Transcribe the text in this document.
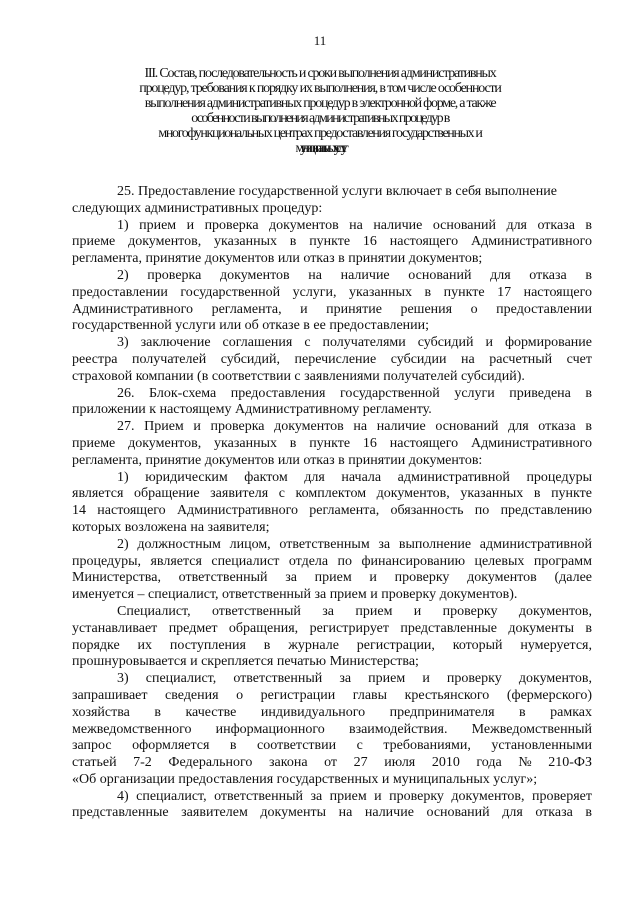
11
III. Состав, последовательность и сроки выполнения административных
процедур, требования к порядку их выполнения, в том числе особенности
выполнения административных процедур в электронной форме, а также
особенности выполнения административных процедур в
многофункциональных центрах предоставления государственных и
муниципальных услуг
25. Предоставление государственной услуги включает в себя выполнение
следующих административных процедур:
1) прием и проверка документов на наличие оснований для отказа в
приеме документов, указанных в пункте 16 настоящего Административного
регламента, принятие документов или отказ в принятии документов;
2) проверка документов на наличие оснований для отказа в
предоставлении государственной услуги, указанных в пункте 17 настоящего
Административного регламента, и принятие решения о предоставлении
государственной услуги или об отказе в ее предоставлении;
3) заключение соглашения с получателями субсидий и формирование
реестра получателей субсидий, перечисление субсидии на расчетный счет
страховой компании (в соответствии с заявлениями получателей субсидий).
26. Блок-схема предоставления государственной услуги приведена в
приложении к настоящему Административному регламенту.
27. Прием и проверка документов на наличие оснований для отказа в
приеме документов, указанных в пункте 16 настоящего Административного
регламента, принятие документов или отказ в принятии документов:
1) юридическим фактом для начала административной процедуры
является обращение заявителя с комплектом документов, указанных в пункте
14 настоящего Административного регламента, обязанность по представлению
которых возложена на заявителя;
2) должностным лицом, ответственным за выполнение административной
процедуры, является специалист отдела по финансированию целевых программ
Министерства, ответственный за прием и проверку документов (далее
именуется – специалист, ответственный за прием и проверку документов).
Специалист, ответственный за прием и проверку документов,
устанавливает предмет обращения, регистрирует представленные документы в
порядке их поступления в журнале регистрации, который нумеруется,
прошнуровывается и скрепляется печатью Министерства;
3) специалист, ответственный за прием и проверку документов,
запрашивает сведения о регистрации главы крестьянского (фермерского)
хозяйства в качестве индивидуального предпринимателя в рамках
межведомственного информационного взаимодействия. Межведомственный
запрос оформляется в соответствии с требованиями, установленными
статьей 7-2 Федерального закона от 27 июля 2010 года № 210-ФЗ
«Об организации предоставления государственных и муниципальных услуг»;
4) специалист, ответственный за прием и проверку документов, проверяет
представленные заявителем документы на наличие оснований для отказа в
